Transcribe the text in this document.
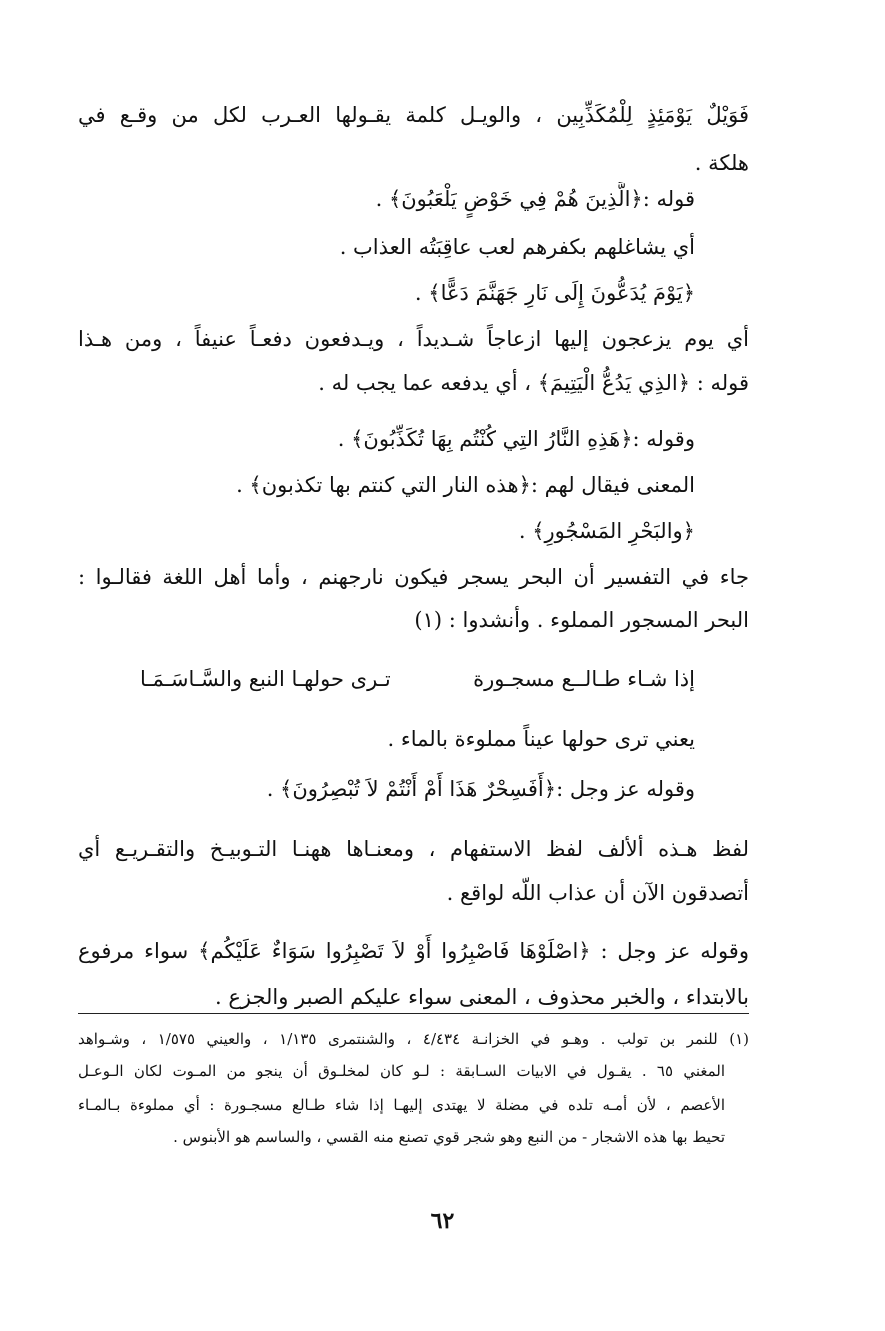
فَوَيْلٌ يَوْمَئِذٍ لِلْمُكَذِّبِين ، والويـل كلمة يقـولها العـرب لكل من وقـع في
هلكة .
قوله :﴿الَّذِينَ هُمْ فِي خَوْضٍ يَلْعَبُونَ﴾ .
أي يشاغلهم بكفرهم لعب عاقِبَتُه العذاب .
﴿يَوْمَ يُدَعُّونَ إِلَى نَارِ جَهَنَّمَ دَعًّا﴾ .
أي يوم يزعجون إليها ازعاجاً شـديداً ، ويـدفعون دفعـاً عنيفاً ، ومن هـذا
قوله : ﴿الذِي يَدُعُّ الْيَتِيمَ﴾ ، أي يدفعه عما يجب له .
وقوله :﴿هَذِهِ النَّارُ التِي كُنْتُم بِهَا تُكَذِّبُونَ﴾ .
المعنى فيقال لهم :﴿هذه النار التي كنتم بها تكذبون﴾ .
﴿والبَحْرِ المَسْجُورِ﴾ .
جاء في التفسير أن البحر يسجر فيكون نارجهنم ، وأما أهل اللغة فقالـوا :
البحر المسجور المملوء . وأنشدوا : (١)
إذا شـاء طـالــع مسجـورة
تـرى حولهـا النبع والسَّـاسَـمَـا
يعني ترى حولها عيناً مملوءة بالماء .
وقوله عز وجل :﴿أَفَسِحْرٌ هَذَا أَمْ أَنْتُمْ لاَ تُبْصِرُونَ﴾ .
لفظ هـذه ألألف لفظ الاستفهام ، ومعنـاها ههنـا التـوبيـخ والتقـريـع أي
أتصدقون الآن أن عذاب اللّه لواقع .
وقوله عز وجل : ﴿اصْلَوْهَا فَاصْبِرُوا أَوْ لاَ تَصْبِرُوا سَوَاءٌ عَلَيْكُم﴾ سواء مرفوع
بالابتداء ، والخبر محذوف ، المعنى سواء عليكم الصبر والجزع .
(١) للنمر بن تولب . وهـو في الخزانـة ٤/٤٣٤ ، والشنتمرى ١/١٣٥ ، والعيني ١/٥٧٥ ، وشـواهد
المغني ٦٥ . يقـول في الابيات السـابقة : لـو كان لمخلـوق أن ينجو من المـوت لكان الـوعـل
الأعصم ، لأن أمـه تلده في مضلة لا يهتدى إليهـا إذا شاء طـالع مسجـورة : أي مملوءة بـالمـاء
تحيط بها هذه الاشجار - من النبع وهو شجر قوي تصنع منه القسي ، والساسم هو الأبنوس .
٦٢
